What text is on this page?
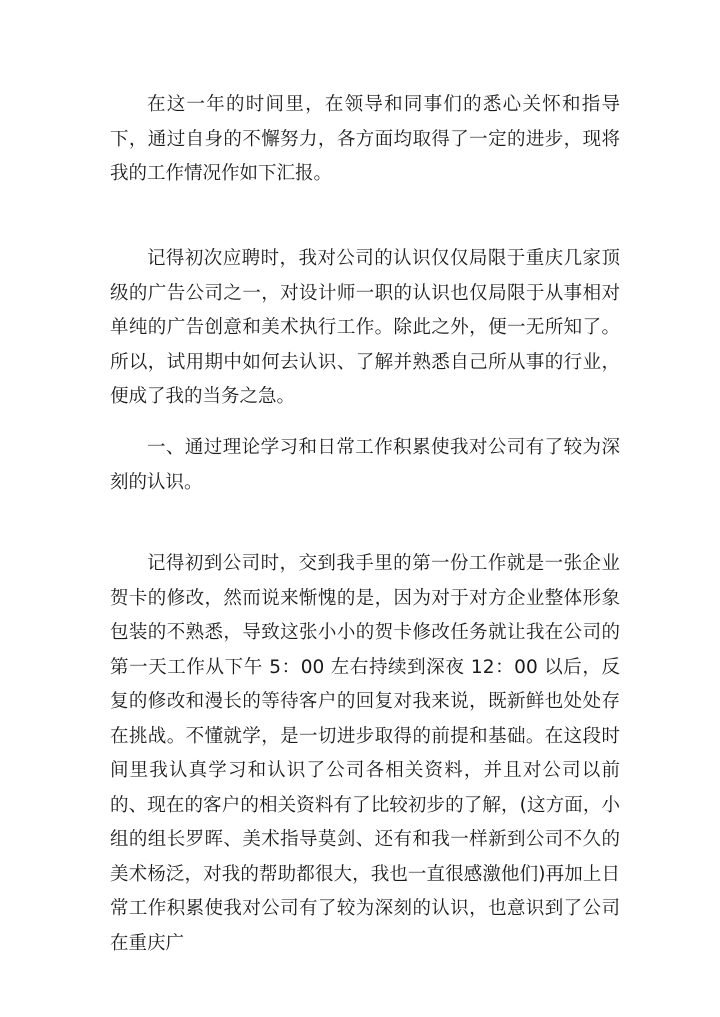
在这一年的时间里，在领导和同事们的悉心关怀和指导下，通过自身的不懈努力，各方面均取得了一定的进步，现将我的工作情况作如下汇报。

记得初次应聘时，我对公司的认识仅仅局限于重庆几家顶级的广告公司之一，对设计师一职的认识也仅局限于从事相对单纯的广告创意和美术执行工作。除此之外，便一无所知了。所以，试用期中如何去认识、了解并熟悉自己所从事的行业，便成了我的当务之急。

一、通过理论学习和日常工作积累使我对公司有了较为深刻的认识。

记得初到公司时，交到我手里的第一份工作就是一张企业贺卡的修改，然而说来惭愧的是，因为对于对方企业整体形象包装的不熟悉，导致这张小小的贺卡修改任务就让我在公司的第一天工作从下午 5：00 左右持续到深夜 12：00 以后，反复的修改和漫长的等待客户的回复对我来说，既新鲜也处处存在挑战。不懂就学，是一切进步取得的前提和基础。在这段时间里我认真学习和认识了公司各相关资料，并且对公司以前的、现在的客户的相关资料有了比较初步的了解，(这方面，小组的组长罗晖、美术指导莫剑、还有和我一样新到公司不久的美术杨泛，对我的帮助都很大，我也一直很感激他们)再加上日常工作积累使我对公司有了较为深刻的认识，也意识到了公司在重庆广
